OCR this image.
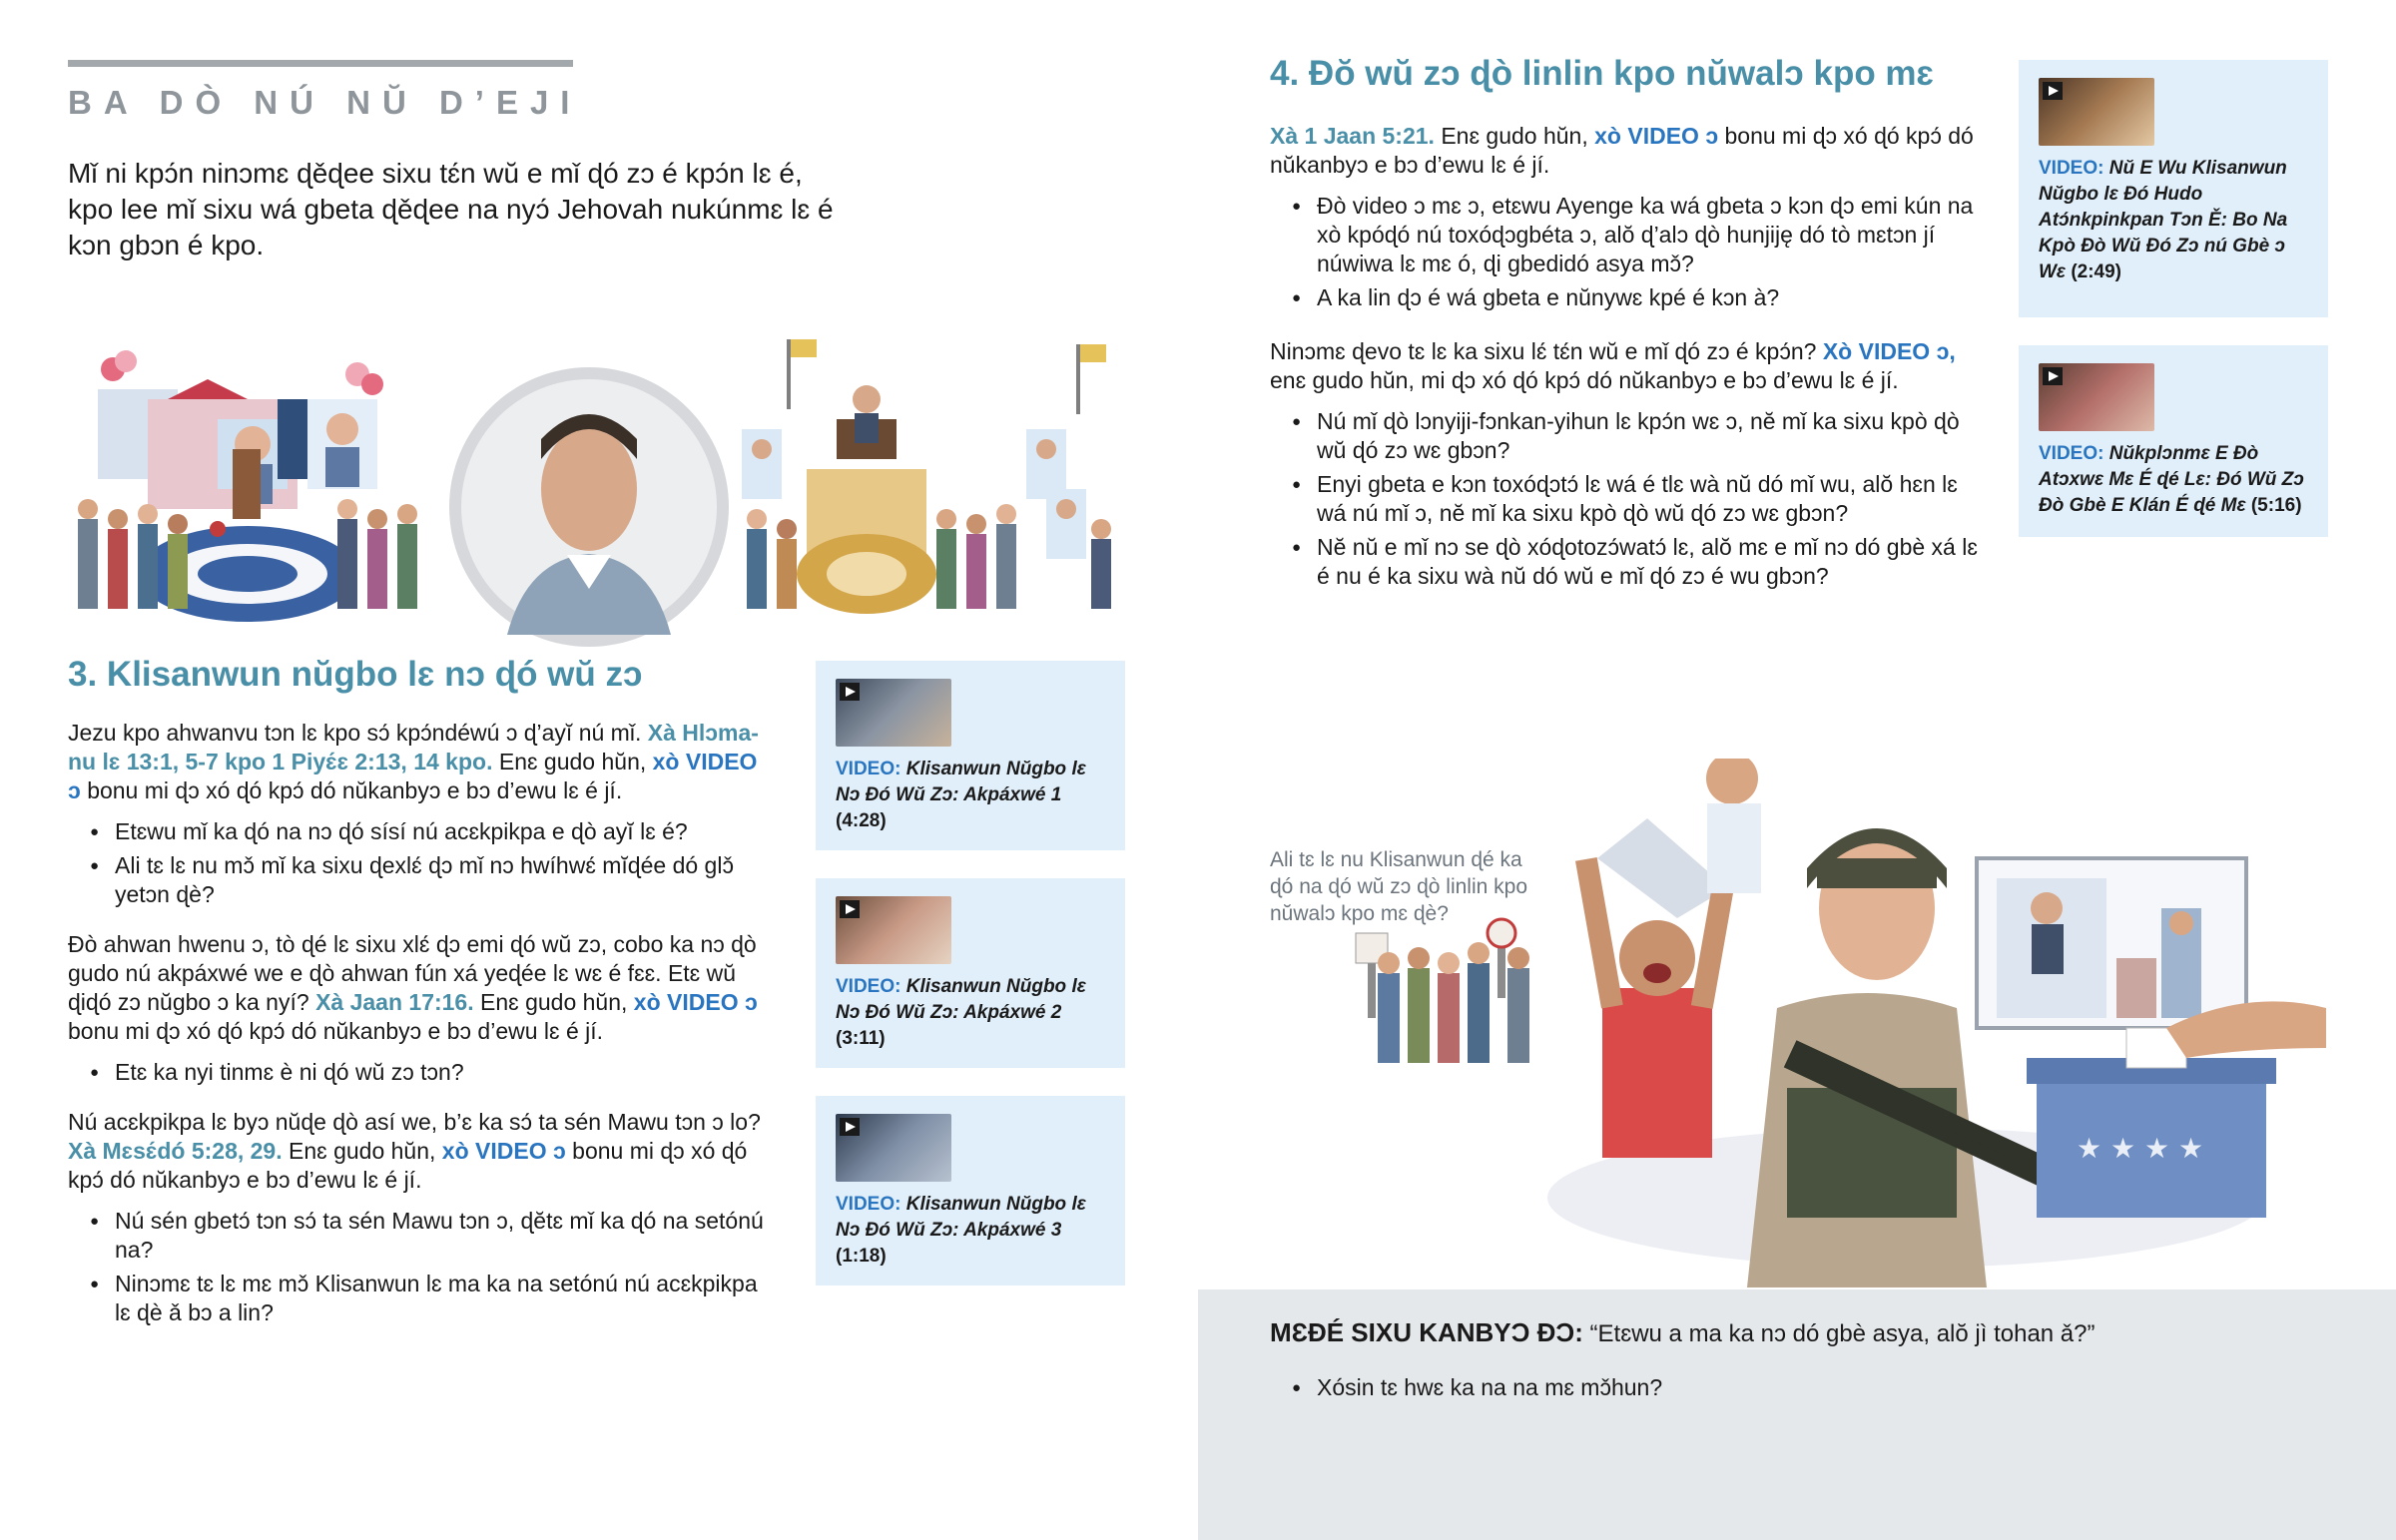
BA DÒ NÚ NŬ D’EJI

Mǐ ni kpɔ́n ninɔmɛ ɖěɖee sixu tɛ́n wŭ e mǐ ɖó zɔ é kpɔ́n lɛ é, kpo lee mǐ sixu wá gbeta ɖěɖee na nyɔ́ Jehovah nukúnmɛ lɛ é kɔn gbɔn é kpo.

3. Klisanwun nŭgbo lɛ nɔ ɖó wŭ zɔ

Jezu kpo ahwanvu tɔn lɛ kpo sɔ́ kpɔ́ndéwú ɔ ɖ’ayĭ nú mǐ. Xà Hlɔmanu lɛ 13:1, 5-7 kpo 1 Piyɛ́ɛ 2:13, 14 kpo. Enɛ gudo hŭn, xò VIDEO ɔ bonu mi ɖɔ xó ɖó kpɔ́ dó nŭkanbyɔ e bɔ d’ewu lɛ é jí.

● Etɛwu mǐ ka ɖó na nɔ ɖó sísí nú acɛkpikpa e ɖò ayĭ lɛ é?
● Ali tɛ lɛ nu mɔ̌ mǐ ka sixu ɖexlɛ́ ɖɔ mǐ nɔ hwíhwɛ́ mĭɖée dó glɔ̌ yetɔn ɖè?

Ðò ahwan hwenu ɔ, tò ɖé lɛ sixu xlɛ́ ɖɔ emi ɖó wŭ zɔ, cobo ka nɔ ɖò gudo nú akpáxwé we e ɖò ahwan fún xá yeɖée lɛ wɛ é fɛɛ. Etɛ wŭ ɖiɖó zɔ nŭgbo ɔ ka nyí? Xà Jaan 17:16. Enɛ gudo hŭn, xò VIDEO ɔ bonu mi ɖɔ xó ɖó kpɔ́ dó nŭkanbyɔ e bɔ d’ewu lɛ é jí.

● Etɛ ka nyi tinmɛ è ni ɖó wŭ zɔ tɔn?

Nú acɛkpikpa lɛ byɔ nŭɖe ɖò así we, b’ɛ ka sɔ́ ta sén Mawu tɔn ɔ lo? Xà Mɛsɛ́dó 5:28, 29. Enɛ gudo hŭn, xò VIDEO ɔ bonu mi ɖɔ xó ɖó kpɔ́ dó nŭkanbyɔ e bɔ d’ewu lɛ é jí.

● Nú sén gbetɔ́ tɔn sɔ́ ta sén Mawu tɔn ɔ, ɖĕtɛ mǐ ka ɖó na setónú na?
● Ninɔmɛ tɛ lɛ mɛ mɔ̌ Klisanwun lɛ ma ka na setónú nú acɛkpikpa lɛ ɖè ǎ bɔ a lin?
VIDEO: Klisanwun Nŭgbo lɛ Nɔ Ðó Wŭ Zɔ: Akpáxwé 1 (4:28)
VIDEO: Klisanwun Nŭgbo lɛ Nɔ Ðó Wŭ Zɔ: Akpáxwé 2 (3:11)
VIDEO: Klisanwun Nŭgbo lɛ Nɔ Ðó Wŭ Zɔ: Akpáxwé 3 (1:18)
4. Ðŏ wŭ zɔ ɖò linlin kpo nŭwalɔ kpo mɛ

Xà 1 Jaan 5:21. Enɛ gudo hŭn, xò VIDEO ɔ bonu mi ɖɔ xó ɖó kpɔ́ dó nŭkanbyɔ e bɔ d’ewu lɛ é jí.

● Ðò video ɔ mɛ ɔ, etɛwu Ayenge ka wá gbeta ɔ kɔn ɖɔ emi kún na xò kpóɖó nú toxóɖɔgbéta ɔ, alŏ ɖ’alɔ ɖò hunjiję dó tò mɛtɔn jí núwiwa lɛ mɛ ó, ɖi gbedidó asya mɔ̌?
● A ka lin ɖɔ é wá gbeta e nŭnywɛ kpé é kɔn à?

Ninɔmɛ ɖevo tɛ lɛ ka sixu lɛ́ tɛ́n wŭ e mǐ ɖó zɔ é kpɔ́n? Xò VIDEO ɔ, enɛ gudo hŭn, mi ɖɔ xó ɖó kpɔ́ dó nŭkanbyɔ e bɔ d’ewu lɛ é jí.

● Nú mǐ ɖò lɔnyiji-fɔnkan-yihun lɛ kpɔ́n wɛ ɔ, nĕ mǐ ka sixu kpò ɖò wŭ ɖó zɔ wɛ gbɔn?
● Enyi gbeta e kɔn toxóɖɔtɔ́ lɛ wá é tlɛ wà nŭ dó mǐ wu, alŏ hɛn lɛ wá nú mǐ ɔ, nĕ mǐ ka sixu kpò ɖò wŭ ɖó zɔ wɛ gbɔn?
● Nĕ nŭ e mǐ nɔ se ɖò xóɖotozɔ́watɔ́ lɛ, alŏ mɛ e mǐ nɔ dó gbè xá lɛ é nu é ka sixu wà nŭ dó wŭ e mǐ ɖó zɔ é wu gbɔn?
VIDEO: Nŭ E Wu Klisanwun Nŭgbo lɛ Ðó Hudo Atɔ́nkpinkpan Tɔn Ě: Bo Na Kpò Ðò Wŭ Ðó Zɔ nú Gbè ɔ Wɛ (2:49)
VIDEO: Nŭkplɔnmɛ E Ðò Atɔxwɛ Mɛ É ɖé Lɛ: Ðó Wŭ Zɔ Ðò Gbè E Klán É ɖé Mɛ (5:16)

Ali tɛ lɛ nu Klisanwun ɖé ka ɖó na ɖó wŭ zɔ ɖò linlin kpo nŭwalɔ kpo mɛ ɖè?

★ ★ ★ ★
MƐÐÉ SIXU KANBYƆ ÐƆ: “Etɛwu a ma ka nɔ dó gbè asya, alŏ jì tohan ǎ?”
● Xósin tɛ hwɛ ka na na mɛ mɔ̌hun?
